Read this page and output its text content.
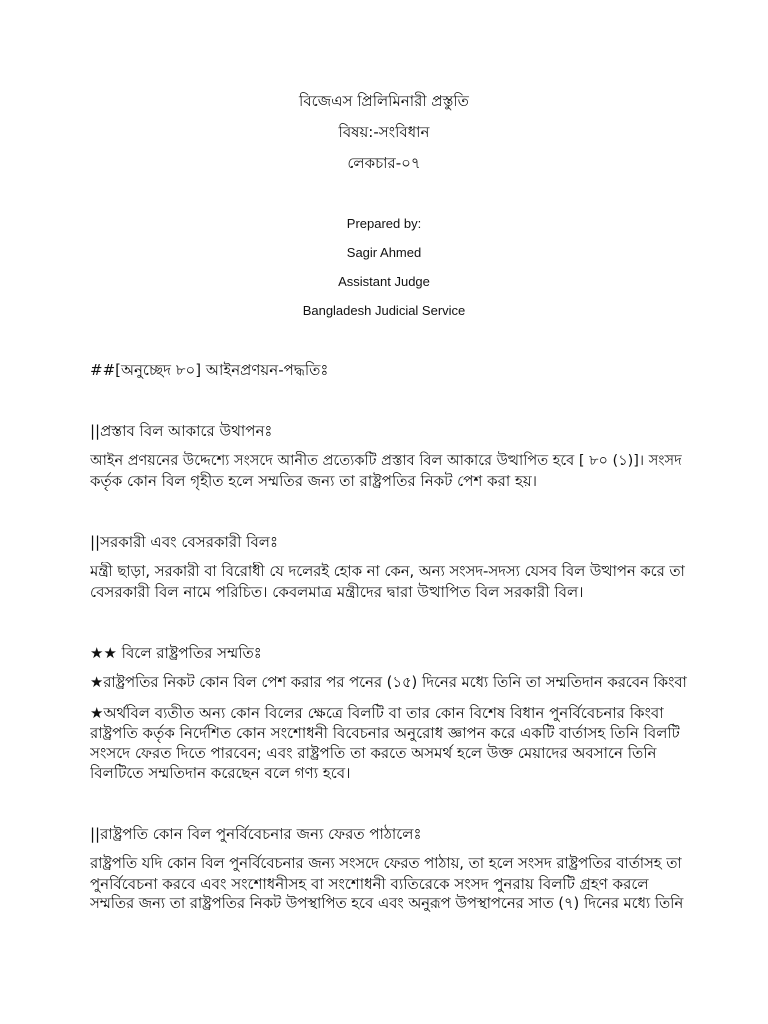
বিজেএস প্রিলিমিনারী প্রস্তুতি
বিষয়:-সংবিধান
লেকচার-০৭
Prepared by:
Sagir Ahmed
Assistant Judge
Bangladesh Judicial Service
##[অনুচ্ছেদ ৮০] আইনপ্রণয়ন-পদ্ধতিঃ
||প্রস্তাব বিল আকারে উথাপনঃ
আইন প্রণয়নের উদ্দেশ্যে সংসদে আনীত প্রত্যেকটি প্রস্তাব বিল আকারে উত্থাপিত হবে [ ৮০ (১)]। সংসদ
কর্তৃক কোন বিল গৃহীত হলে সম্মতির জন্য তা রাষ্ট্রপতির নিকট পেশ করা হয়।
||সরকারী এবং বেসরকারী বিলঃ
মন্ত্রী ছাড়া, সরকারী বা বিরোধী যে দলেরই হোক না কেন, অন্য সংসদ-সদস্য যেসব বিল উত্থাপন করে তা
বেসরকারী বিল নামে পরিচিত। কেবলমাত্র মন্ত্রীদের দ্বারা উত্থাপিত বিল সরকারী বিল।
★★ বিলে রাষ্ট্রপতির সম্মতিঃ
★রাষ্ট্রপতির নিকট কোন বিল পেশ করার পর পনের (১৫) দিনের মধ্যে তিনি তা সম্মতিদান করবেন কিংবা
★অর্থবিল ব্যতীত অন্য কোন বিলের ক্ষেত্রে বিলটি বা তার কোন বিশেষ বিধান পুনর্বিবেচনার কিংবা
রাষ্ট্রপতি কর্তৃক নির্দেশিত কোন সংশোধনী বিবেচনার অনুরোধ জ্ঞাপন করে একটি বার্তাসহ তিনি বিলটি
সংসদে ফেরত দিতে পারবেন; এবং রাষ্ট্রপতি তা করতে অসমর্থ হলে উক্ত মেয়াদের অবসানে তিনি
বিলটিতে সম্মতিদান করেছেন বলে গণ্য হবে।
||রাষ্ট্রপতি কোন বিল পুনর্বিবেচনার জন্য ফেরত পাঠালেঃ
রাষ্ট্রপতি যদি কোন বিল পুনর্বিবেচনার জন্য সংসদে ফেরত পাঠায়, তা হলে সংসদ রাষ্ট্রপতির বার্তাসহ তা
পুনর্বিবেচনা করবে এবং সংশোধনীসহ বা সংশোধনী ব্যতিরেকে সংসদ পুনরায় বিলটি গ্রহণ করলে
সম্মতির জন্য তা রাষ্ট্রপতির নিকট উপস্থাপিত হবে এবং অনুরূপ উপস্থাপনের সাত (৭) দিনের মধ্যে তিনি
